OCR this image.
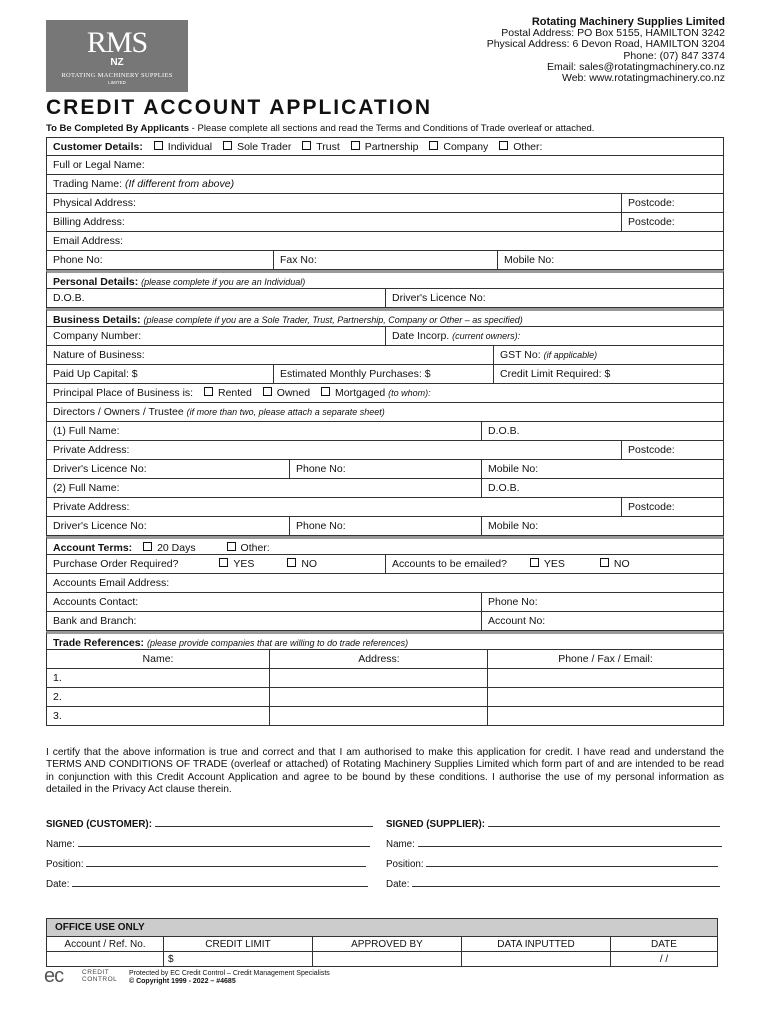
RMS
NZ
ROTATING MACHINERY SUPPLIES
LIMITED
Rotating Machinery Supplies Limited
Postal Address: PO Box 5155, HAMILTON 3242
Physical Address: 6 Devon Road, HAMILTON 3204
Phone: (07) 847 3374
Email: sales@rotatingmachinery.co.nz
Web: www.rotatingmachinery.co.nz
CREDIT ACCOUNT APPLICATION
To Be Completed By Applicants - Please complete all sections and read the Terms and Conditions of Trade overleaf or attached.
Customer Details: Individual Sole Trader Trust Partnership Company Other:
Full or Legal Name:
Trading Name: (If different from above)
Physical Address:	Postcode:
Billing Address:	Postcode:
Email Address:
Phone No:	Fax No:	Mobile No:
Personal Details: (please complete if you are an Individual)
D.O.B.	Driver's Licence No:
Business Details: (please complete if you are a Sole Trader, Trust, Partnership, Company or Other – as specified)
Company Number:	Date Incorp. (current owners):
Nature of Business:	GST No: (if applicable)
Paid Up Capital: $	Estimated Monthly Purchases: $	Credit Limit Required: $
Principal Place of Business is: Rented Owned Mortgaged (to whom):
Directors / Owners / Trustee (if more than two, please attach a separate sheet)
(1) Full Name:	D.O.B.
Private Address:	Postcode:
Driver's Licence No:	Phone No:	Mobile No:
(2) Full Name:	D.O.B.
Private Address:	Postcode:
Driver's Licence No:	Phone No:	Mobile No:
Account Terms: 20 Days	Other:
Purchase Order Required?	YES	NO	Accounts to be emailed?	YES	NO
Accounts Email Address:
Accounts Contact:	Phone No:
Bank and Branch:	Account No:
Trade References: (please provide companies that are willing to do trade references)
Name:	Address:	Phone / Fax / Email:
1.
2.
3.
I certify that the above information is true and correct and that I am authorised to make this application for credit. I have read and understand the TERMS AND CONDITIONS OF TRADE (overleaf or attached) of Rotating Machinery Supplies Limited which form part of and are intended to be read in conjunction with this Credit Account Application and agree to be bound by these conditions. I authorise the use of my personal information as detailed in the Privacy Act clause therein.
SIGNED (CUSTOMER):	SIGNED (SUPPLIER):
Name:	Name:
Position:	Position:
Date:	Date:
OFFICE USE ONLY
Account / Ref. No.	CREDIT LIMIT	APPROVED BY	DATA INPUTTED	DATE
	$			/ /
ec	CREDIT
CONTROL
Protected by EC Credit Control – Credit Management Specialists
© Copyright 1999 - 2022 – #4685
